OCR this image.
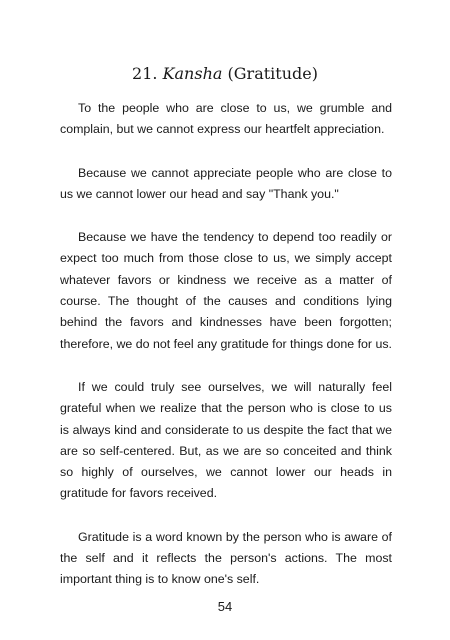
21. Kansha (Gratitude)

To the people who are close to us, we grumble and complain, but we cannot express our heartfelt appreciation.

Because we cannot appreciate people who are close to us we cannot lower our head and say "Thank you."

Because we have the tendency to depend too readily or expect too much from those close to us, we simply accept whatever favors or kindness we receive as a matter of course. The thought of the causes and conditions lying behind the favors and kindnesses have been forgotten; therefore, we do not feel any gratitude for things done for us.

If we could truly see ourselves, we will naturally feel grateful when we realize that the person who is close to us is always kind and considerate to us despite the fact that we are so self-centered. But, as we are so conceited and think so highly of ourselves, we cannot lower our heads in gratitude for favors received.

Gratitude is a word known by the person who is aware of the self and it reflects the person's actions. The most important thing is to know one's self.

54
